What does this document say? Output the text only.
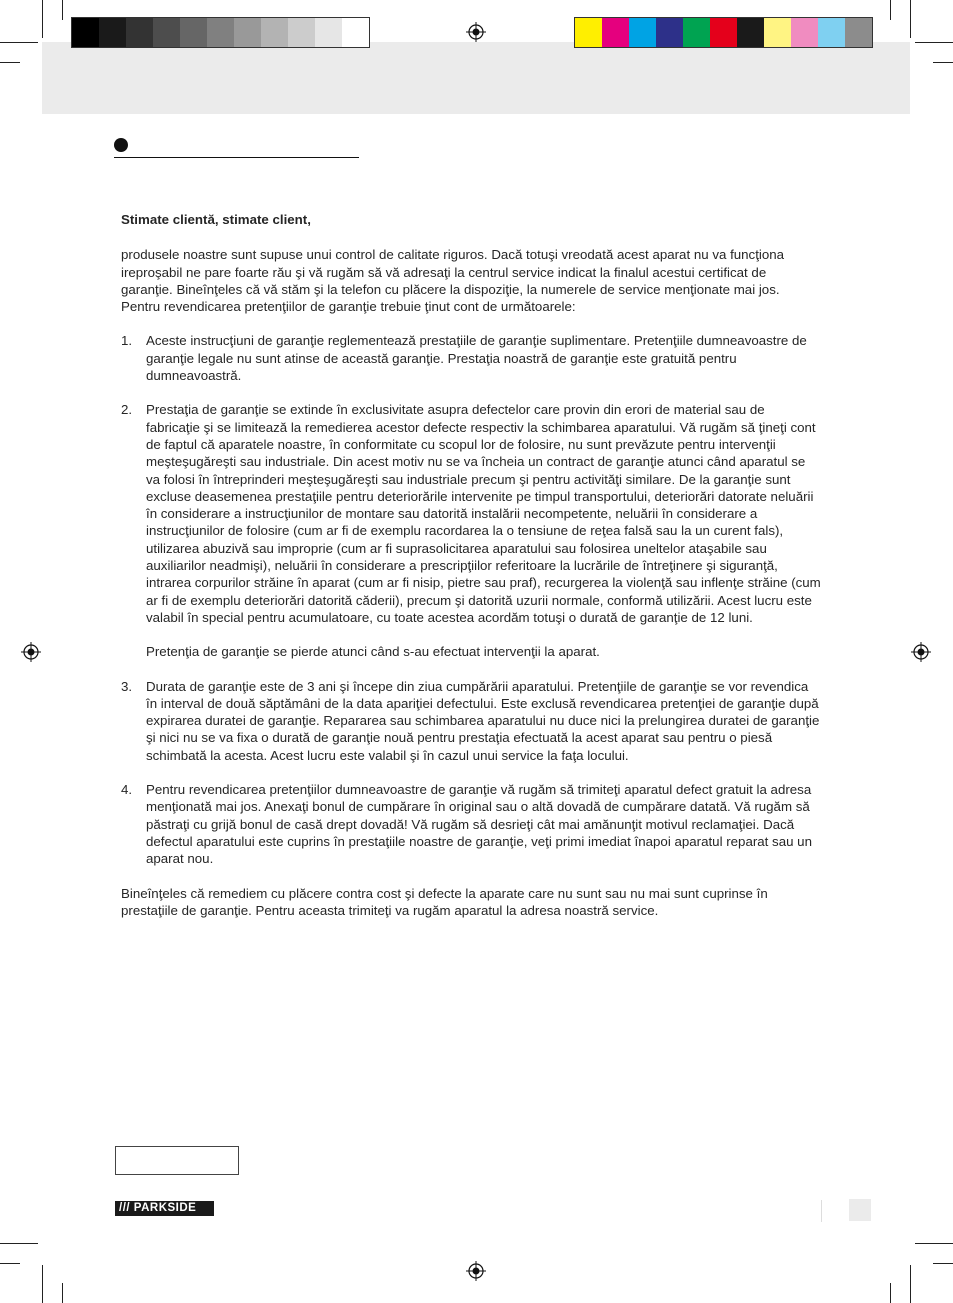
Stimate clientă, stimate client,

produsele noastre sunt supuse unui control de calitate riguros. Dacă totuşi vreodată acest aparat nu va funcţiona ireproşabil ne pare foarte rău şi vă rugăm să vă adresaţi la centrul service indicat la finalul acestui certificat de garanţie. Bineînţeles că vă stăm şi la telefon cu plăcere la dispoziţie, la numerele de service menţionate mai jos. Pentru revendicarea pretenţiilor de garanţie trebuie ţinut cont de următoarele:

1.	Aceste instrucţiuni de garanţie reglementează prestaţiile de garanţie suplimentare. Pretenţiile dumneavoastre de garanţie legale nu sunt atinse de această garanţie. Prestaţia noastră de garanţie este gratuită pentru dumneavoastră.

2.	Prestaţia de garanţie se extinde în exclusivitate asupra defectelor care provin din erori de material sau de fabricaţie şi se limitează la remedierea acestor defecte respectiv la schimbarea aparatului. Vă rugăm să ţineţi cont de faptul că aparatele noastre, în conformitate cu scopul lor de folosire, nu sunt prevăzute pentru intervenţii meşteşugăreşti sau industriale. Din acest motiv nu se va încheia un contract de garanţie atunci când aparatul se va folosi în întreprinderi meşteşugăreşti sau industriale precum şi pentru activităţi similare. De la garanţie sunt excluse deasemenea prestaţiile pentru deteriorările intervenite pe timpul transportului, deteriorări datorate neluării în considerare a instrucţiunilor de montare sau datorită instalării necompetente, neluării în considerare a instrucţiunilor de folosire (cum ar fi de exemplu racordarea la o tensiune de reţea falsă sau la un curent fals), utilizarea abuzivă sau improprie (cum ar fi suprasolicitarea aparatului sau folosirea uneltelor ataşabile sau auxiliarilor neadmişi), neluării în considerare a prescripţiilor referitoare la lucrările de întreţinere şi siguranţă, intrarea corpurilor străine în aparat (cum ar fi nisip, pietre sau praf), recurgerea la violenţă sau inflenţe străine (cum ar fi de exemplu deteriorări datorită căderii), precum şi datorită uzurii normale, conformă utilizării. Acest lucru este valabil în special pentru acumulatoare, cu toate acestea acordăm totuşi o durată de garanţie de 12 luni.

Pretenţia de garanţie se pierde atunci când s-au efectuat intervenţii la aparat.

3.	Durata de garanţie este de 3 ani şi începe din ziua cumpărării aparatului. Pretenţiile de garanţie se vor revendica în interval de două săptămâni de la data apariţiei defectului. Este exclusă revendicarea pretenţiei de garanţie după expirarea duratei de garanţie. Repararea sau schimbarea aparatului nu duce nici la prelungirea duratei de garanţie şi nici nu se va fixa o durată de garanţie nouă pentru prestaţia efectuată la acest aparat sau pentru o piesă schimbată la acesta. Acest lucru este valabil şi în cazul unui service la faţa locului.

4.	Pentru revendicarea pretenţiilor dumneavoastre de garanţie vă rugăm să trimiteţi aparatul defect gratuit la adresa menţionată mai jos. Anexaţi bonul de cumpărare în original sau o altă dovadă de cumpărare datată. Vă rugăm să păstraţi cu grijă bonul de casă drept dovadă! Vă rugăm să desrieţi cât mai amănunţit motivul reclamaţiei. Dacă defectul aparatului este cuprins în prestaţiile noastre de garanţie, veţi primi imediat înapoi aparatul reparat sau un aparat nou.

Bineînţeles că remediem cu plăcere contra cost şi defecte la aparate care nu sunt sau nu mai sunt cuprinse în prestaţiile de garanţie. Pentru aceasta trimiteţi va rugăm aparatul la adresa noastră service.

/// PARKSIDE
